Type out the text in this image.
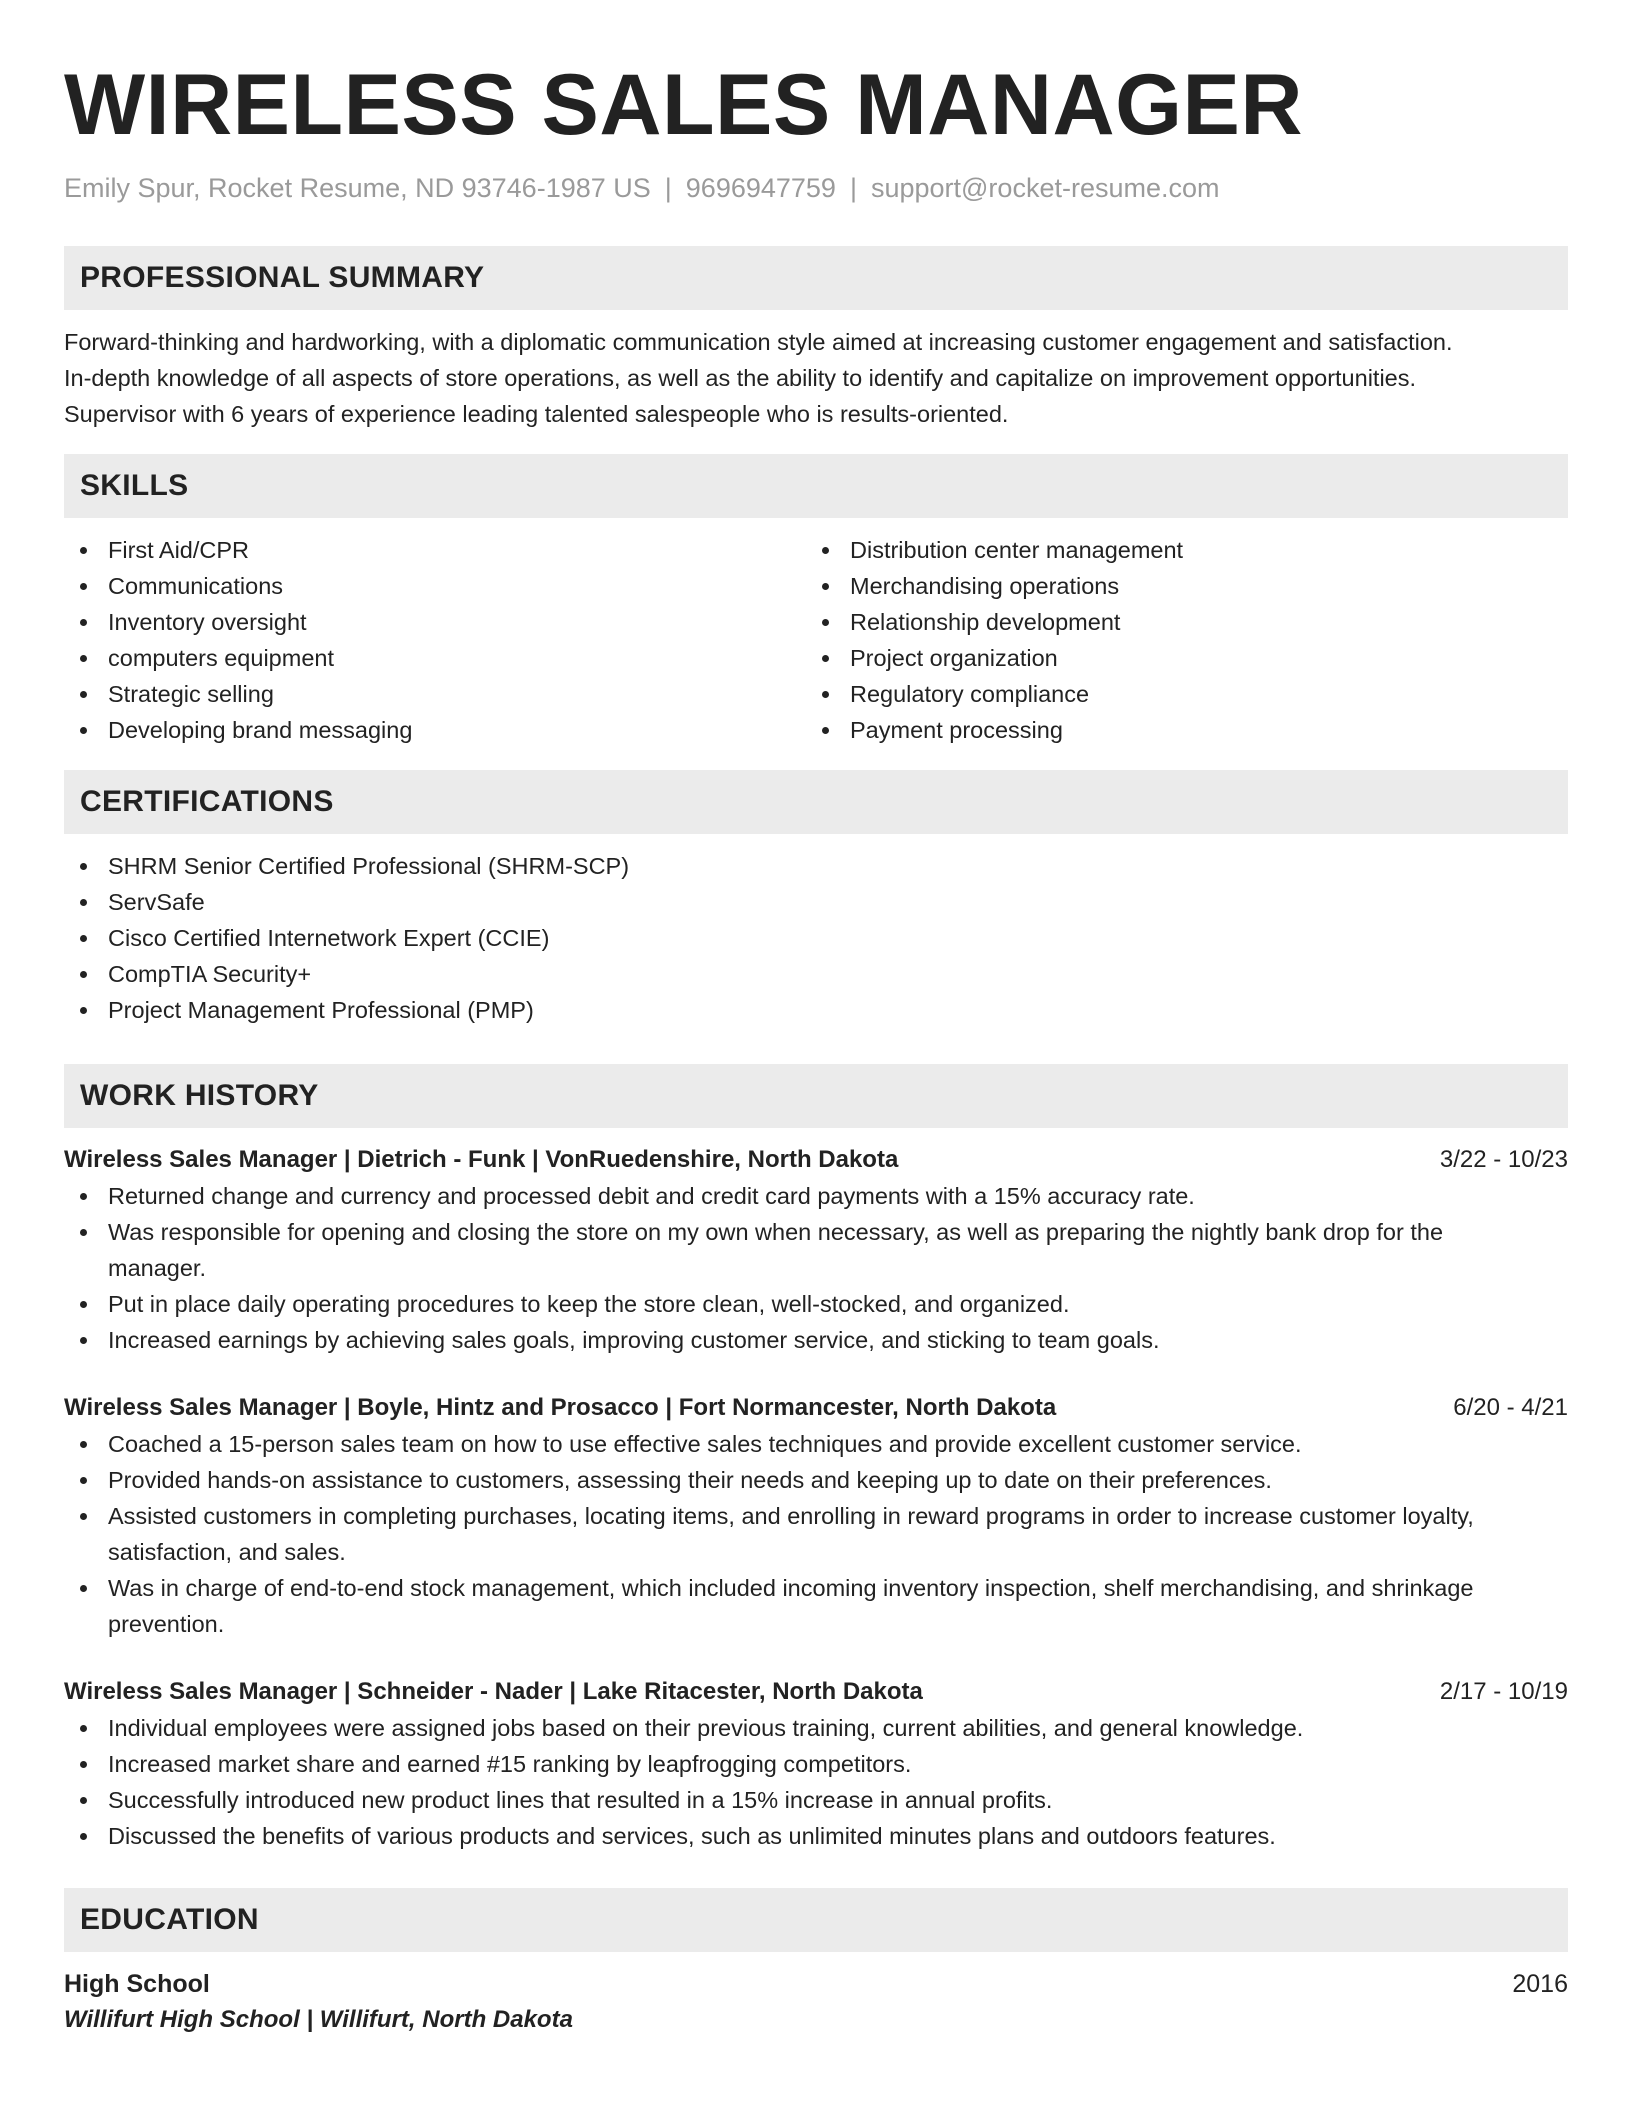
WIRELESS SALES MANAGER
Emily Spur, Rocket Resume, ND 93746-1987 US | 9696947759 | support@rocket-resume.com
PROFESSIONAL SUMMARY
Forward-thinking and hardworking, with a diplomatic communication style aimed at increasing customer engagement and satisfaction.
In-depth knowledge of all aspects of store operations, as well as the ability to identify and capitalize on improvement opportunities.
Supervisor with 6 years of experience leading talented salespeople who is results-oriented.
SKILLS
First Aid/CPR
Communications
Inventory oversight
computers equipment
Strategic selling
Developing brand messaging
Distribution center management
Merchandising operations
Relationship development
Project organization
Regulatory compliance
Payment processing
CERTIFICATIONS
SHRM Senior Certified Professional (SHRM-SCP)
ServSafe
Cisco Certified Internetwork Expert (CCIE)
CompTIA Security+
Project Management Professional (PMP)
WORK HISTORY
Wireless Sales Manager | Dietrich - Funk | VonRuedenshire, North Dakota	3/22 - 10/23
Returned change and currency and processed debit and credit card payments with a 15% accuracy rate.
Was responsible for opening and closing the store on my own when necessary, as well as preparing the nightly bank drop for the
manager.
Put in place daily operating procedures to keep the store clean, well-stocked, and organized.
Increased earnings by achieving sales goals, improving customer service, and sticking to team goals.
Wireless Sales Manager | Boyle, Hintz and Prosacco | Fort Normancester, North Dakota	6/20 - 4/21
Coached a 15-person sales team on how to use effective sales techniques and provide excellent customer service.
Provided hands-on assistance to customers, assessing their needs and keeping up to date on their preferences.
Assisted customers in completing purchases, locating items, and enrolling in reward programs in order to increase customer loyalty,
satisfaction, and sales.
Was in charge of end-to-end stock management, which included incoming inventory inspection, shelf merchandising, and shrinkage
prevention.
Wireless Sales Manager | Schneider - Nader | Lake Ritacester, North Dakota	2/17 - 10/19
Individual employees were assigned jobs based on their previous training, current abilities, and general knowledge.
Increased market share and earned #15 ranking by leapfrogging competitors.
Successfully introduced new product lines that resulted in a 15% increase in annual profits.
Discussed the benefits of various products and services, such as unlimited minutes plans and outdoors features.
EDUCATION
High School	2016
Willifurt High School | Willifurt, North Dakota
